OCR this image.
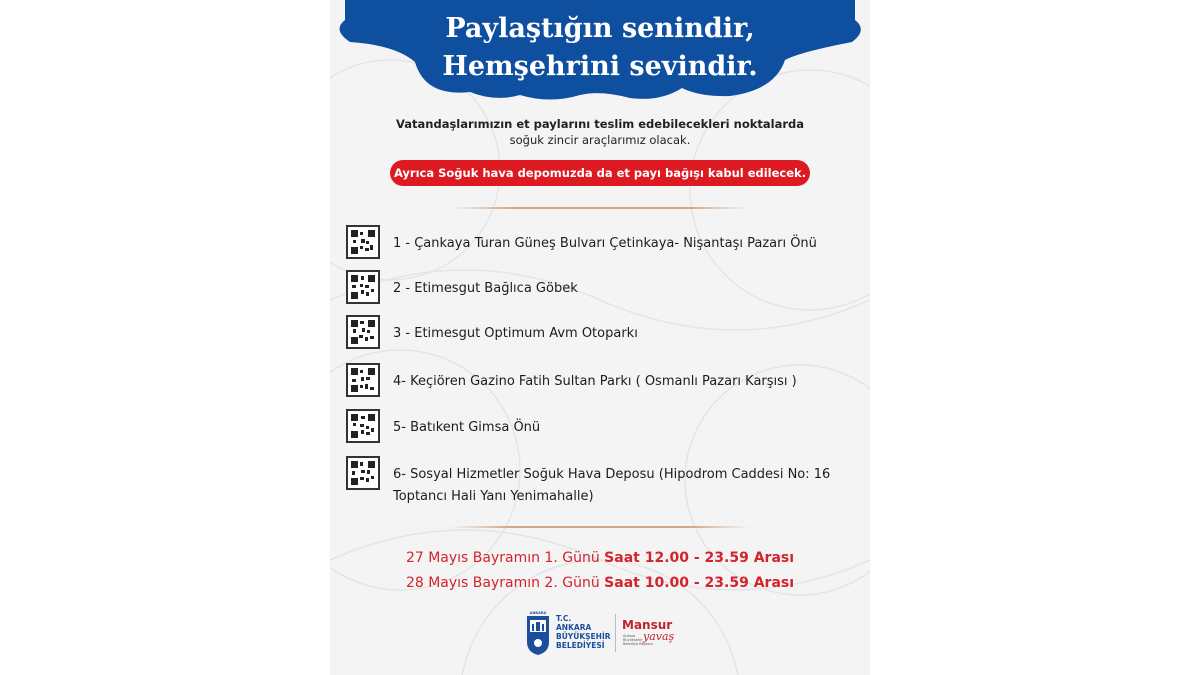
Paylaştığın senindir,
Hemşehrini sevindir.
Vatandaşlarımızın et paylarını teslim edebilecekleri noktalarda
soğuk zincir araçlarımız olacak.
Ayrıca Soğuk hava depomuzda da et payı bağışı kabul edilecek.
1 - Çankaya Turan Güneş Bulvarı Çetinkaya- Nişantaşı Pazarı Önü
2 - Etimesgut Bağlıca Göbek
3 - Etimesgut Optimum Avm Otoparkı
4- Keçiören Gazino Fatih Sultan Parkı ( Osmanlı Pazarı Karşısı )
5- Batıkent Gimsa Önü
6- Sosyal Hizmetler Soğuk Hava Deposu (Hipodrom Caddesi No: 16 Toptancı Hali Yanı Yenimahalle)
27 Mayıs Bayramın 1. Günü Saat 12.00 - 23.59 Arası
28 Mayıs Bayramın 2. Günü Saat 10.00 - 23.59 Arası
ANKARA
T.C.
ANKARA
BÜYÜKŞEHİR
BELEDİYESİ
Mansur
Ankara Büyükşehir Belediye Başkanı
yavaş
